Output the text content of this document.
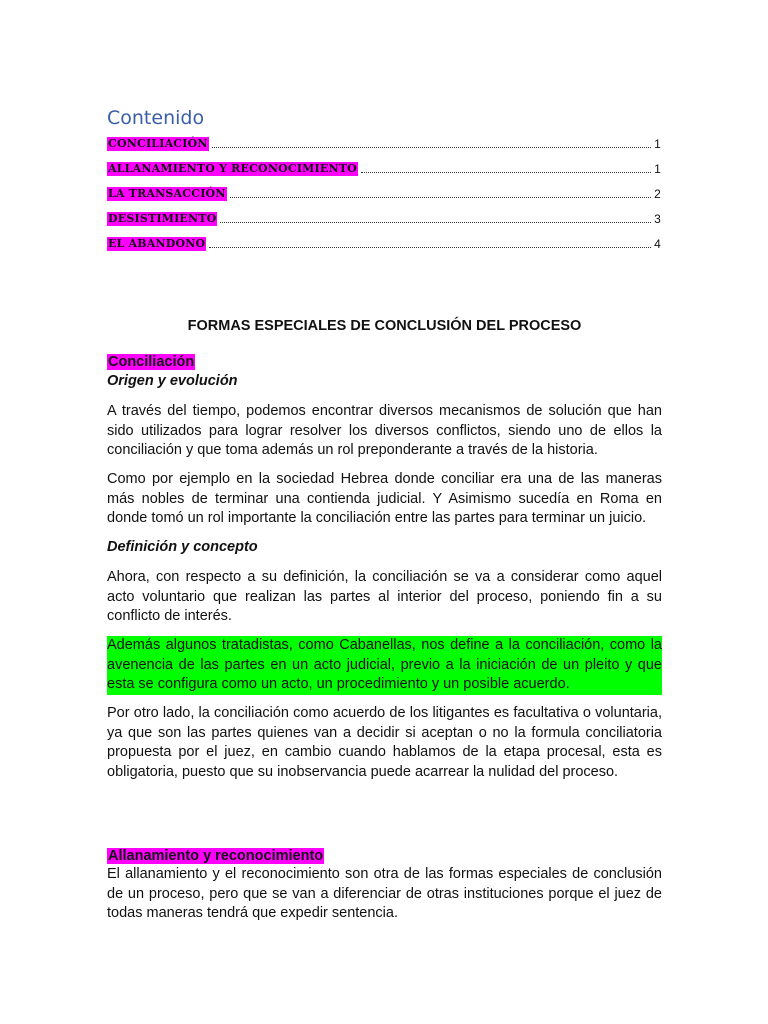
Contenido
CONCILIACIÓN	1
ALLANAMIENTO Y RECONOCIMIENTO	1
LA TRANSACCIÓN	2
DESISTIMIENTO	3
EL ABANDONO	4
FORMAS ESPECIALES DE CONCLUSIÓN DEL PROCESO
Conciliación
Origen y evolución

A través del tiempo, podemos encontrar diversos mecanismos de solución que han sido utilizados para lograr resolver los diversos conflictos, siendo uno de ellos la conciliación y que toma además un rol preponderante a través de la historia.

Como por ejemplo en la sociedad Hebrea donde conciliar era una de las maneras más nobles de terminar una contienda judicial. Y Asimismo sucedía en Roma en donde tomó un rol importante la conciliación entre las partes para terminar un juicio.

Definición y concepto

Ahora, con respecto a su definición, la conciliación se va a considerar como aquel acto voluntario que realizan las partes al interior del proceso, poniendo fin a su conflicto de interés.

Además algunos tratadistas, como Cabanellas, nos define a la conciliación, como la avenencia de las partes en un acto judicial, previo a la iniciación de un pleito y que esta se configura como un acto, un procedimiento y un posible acuerdo.

Por otro lado, la conciliación como acuerdo de los litigantes es facultativa o voluntaria, ya que son las partes quienes van a decidir si aceptan o no la formula conciliatoria propuesta por el juez, en cambio cuando hablamos de la etapa procesal, esta es obligatoria, puesto que su inobservancia puede acarrear la nulidad del proceso.

Allanamiento y reconocimiento

El allanamiento y el reconocimiento son otra de las formas especiales de conclusión de un proceso, pero que se van a diferenciar de otras instituciones porque el juez de todas maneras tendrá que expedir sentencia.
